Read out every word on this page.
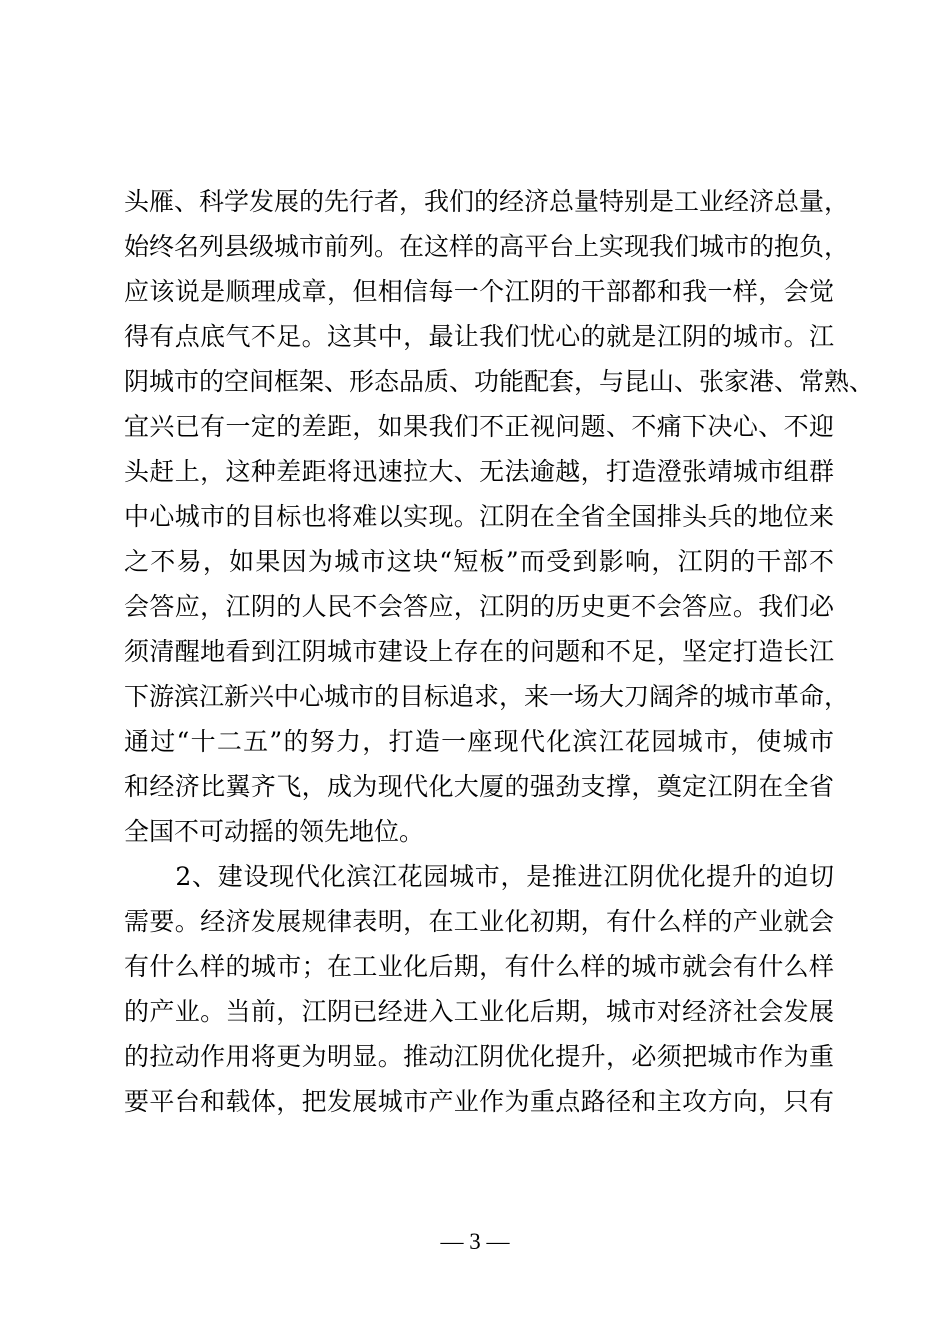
头雁、科学发展的先行者，我们的经济总量特别是工业经济总量，
始终名列县级城市前列。在这样的高平台上实现我们城市的抱负，
应该说是顺理成章，但相信每一个江阴的干部都和我一样，会觉
得有点底气不足。这其中，最让我们忧心的就是江阴的城市。江
阴城市的空间框架、形态品质、功能配套，与昆山、张家港、常熟、
宜兴已有一定的差距，如果我们不正视问题、不痛下决心、不迎
头赶上，这种差距将迅速拉大、无法逾越，打造澄张靖城市组群
中心城市的目标也将难以实现。江阴在全省全国排头兵的地位来
之不易，如果因为城市这块“短板”而受到影响，江阴的干部不
会答应，江阴的人民不会答应，江阴的历史更不会答应。我们必
须清醒地看到江阴城市建设上存在的问题和不足，坚定打造长江
下游滨江新兴中心城市的目标追求，来一场大刀阔斧的城市革命，
通过“十二五”的努力，打造一座现代化滨江花园城市，使城市
和经济比翼齐飞，成为现代化大厦的强劲支撑，奠定江阴在全省
全国不可动摇的领先地位。
　　2、建设现代化滨江花园城市，是推进江阴优化提升的迫切
需要。经济发展规律表明，在工业化初期，有什么样的产业就会
有什么样的城市；在工业化后期，有什么样的城市就会有什么样
的产业。当前，江阴已经进入工业化后期，城市对经济社会发展
的拉动作用将更为明显。推动江阴优化提升，必须把城市作为重
要平台和载体，把发展城市产业作为重点路径和主攻方向，只有
— 3 —
